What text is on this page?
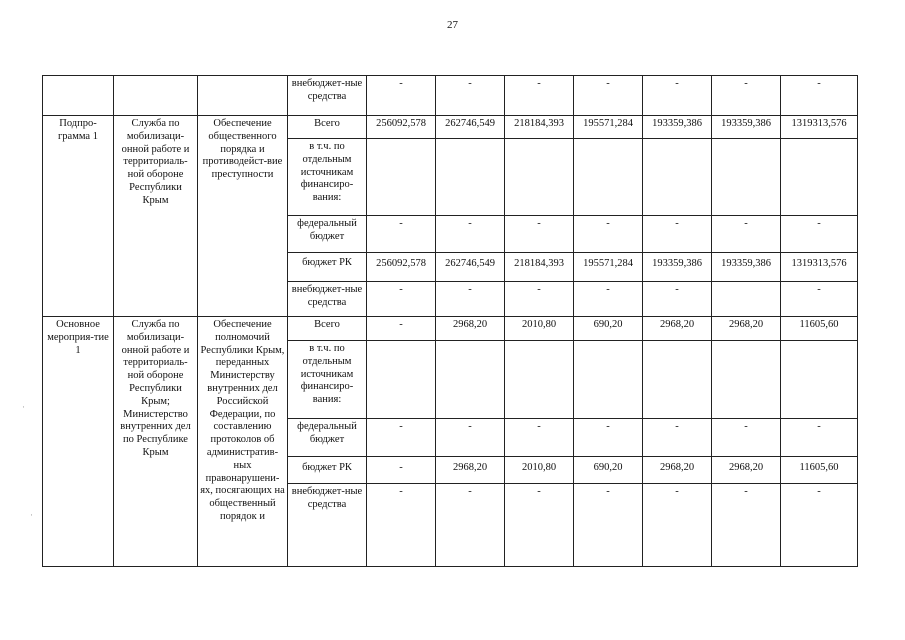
27
			внебюджет-ные средства	-	-	-	-	-	-	-
Подпро-грамма 1	Служба по мобилизаци-онной работе и территориаль-ной обороне Республики Крым	Обеспечение общественного порядка и противодейст-вие преступности	Всего	256092,578	262746,549	218184,393	195571,284	193359,386	193359,386	1319313,576
			в т.ч. по отдельным источникам финансиро-вания:							
			федеральный бюджет	-	-	-	-	-	-	-
			бюджет РК	256092,578	262746,549	218184,393	195571,284	193359,386	193359,386	1319313,576
			внебюджет-ные средства	-	-	-	-	-		-
Основное мероприя-тие 1	Служба по мобилизаци-онной работе и территориаль-ной обороне Республики Крым; Министерство внутренних дел по Республике Крым	Обеспечение полномочий Республики Крым, переданных Министерству внутренних дел Российской Федерации, по составлению протоколов об административ-ных правонарушени-ях, посягающих на общественный порядок и	Всего	-	2968,20	2010,80	690,20	2968,20	2968,20	11605,60
			в т.ч. по отдельным источникам финансиро-вания:							
			федеральный бюджет	-	-	-	-	-	-	-
			бюджет РК	-	2968,20	2010,80	690,20	2968,20	2968,20	11605,60
			внебюджет-ные средства	-	-	-	-	-	-	-
·
·
